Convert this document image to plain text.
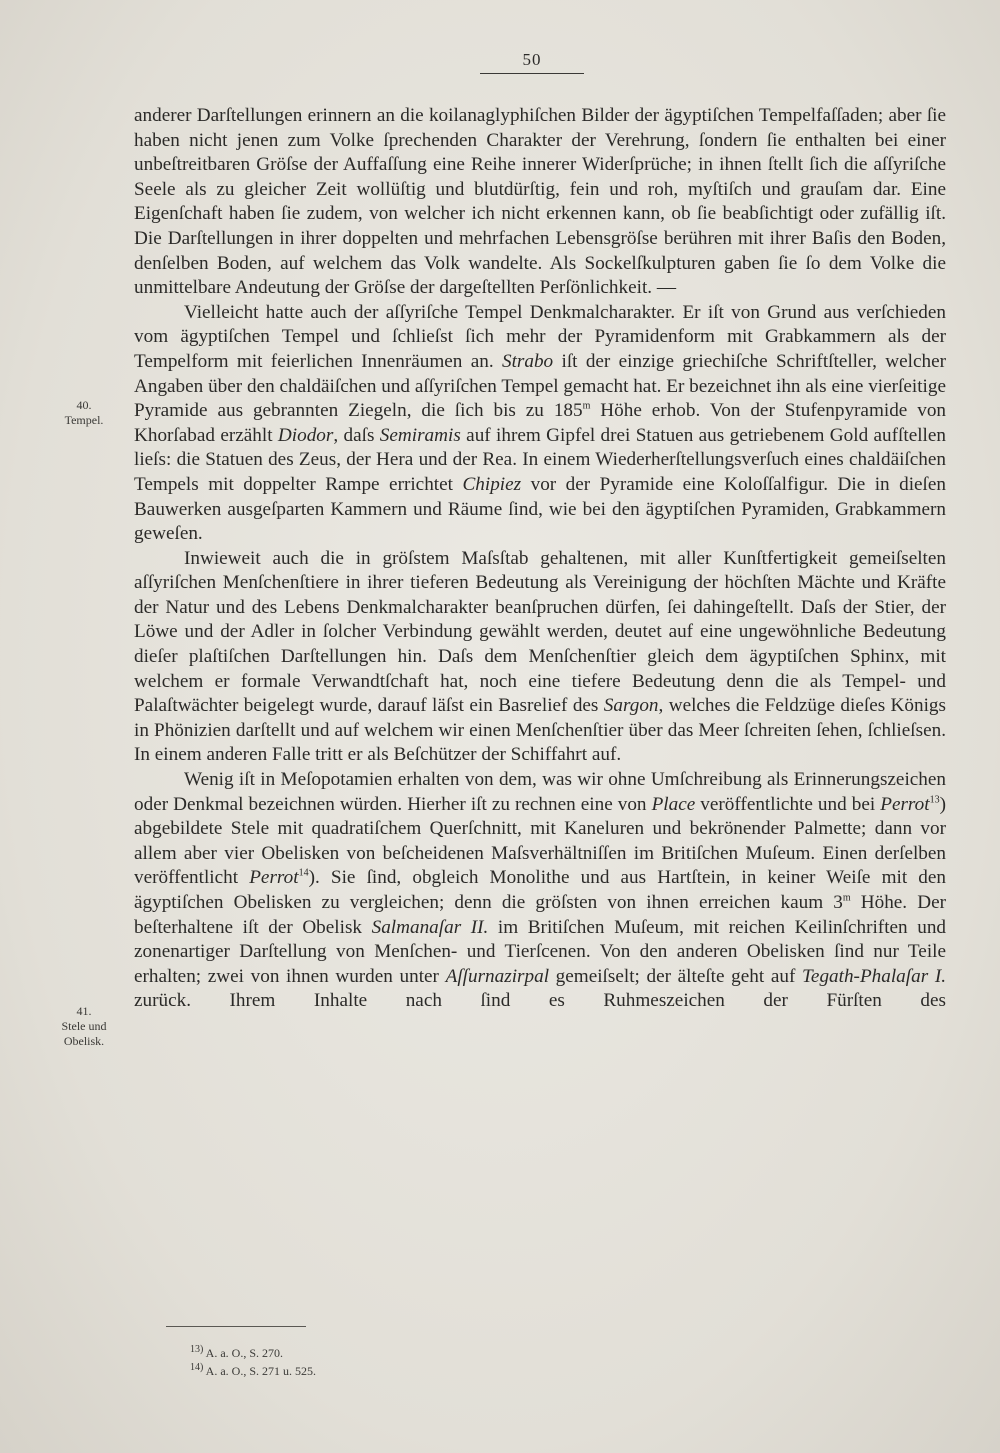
50
40.
Tempel.
41.
Stele und
Obelisk.

anderer Darſtellungen erinnern an die koilanaglyphiſchen Bilder der ägyptiſchen Tempelfaſſaden; aber ſie haben nicht jenen zum Volke ſprechenden Charakter der Verehrung, ſondern ſie enthalten bei einer unbeſtreitbaren Gröſse der Auffaſſung eine Reihe innerer Widerſprüche; in ihnen ſtellt ſich die aſſyriſche Seele als zu gleicher Zeit wollüſtig und blutdürſtig, fein und roh, myſtiſch und grauſam dar. Eine Eigenſchaft haben ſie zudem, von welcher ich nicht erkennen kann, ob ſie beabſichtigt oder zufällig iſt. Die Darſtellungen in ihrer doppelten und mehrfachen Lebensgröſse berühren mit ihrer Baſis den Boden, denſelben Boden, auf welchem das Volk wandelte. Als Sockelſkulpturen gaben ſie ſo dem Volke die unmittelbare Andeutung der Gröſse der dargeſtellten Perſönlichkeit. —

Vielleicht hatte auch der aſſyriſche Tempel Denkmalcharakter. Er iſt von Grund aus verſchieden vom ägyptiſchen Tempel und ſchlieſst ſich mehr der Pyramidenform mit Grabkammern als der Tempelform mit feierlichen Innenräumen an. Strabo iſt der einzige griechiſche Schriftſteller, welcher Angaben über den chaldäiſchen und aſſyriſchen Tempel gemacht hat. Er bezeichnet ihn als eine vierſeitige Pyramide aus gebrannten Ziegeln, die ſich bis zu 185$^m$ Höhe erhob. Von der Stufenpyramide von Khorſabad erzählt Diodor, daſs Semiramis auf ihrem Gipfel drei Statuen aus getriebenem Gold aufſtellen lieſs: die Statuen des Zeus, der Hera und der Rea. In einem Wiederherſtellungsverſuch eines chaldäiſchen Tempels mit doppelter Rampe errichtet Chipiez vor der Pyramide eine Koloſſalfigur. Die in dieſen Bauwerken ausgeſparten Kammern und Räume ſind, wie bei den ägyptiſchen Pyramiden, Grabkammern geweſen.

Inwieweit auch die in gröſstem Maſsſtab gehaltenen, mit aller Kunſtfertigkeit gemeiſselten aſſyriſchen Menſchenſtiere in ihrer tieferen Bedeutung als Vereinigung der höchſten Mächte und Kräfte der Natur und des Lebens Denkmalcharakter beanſpruchen dürfen, ſei dahingeſtellt. Daſs der Stier, der Löwe und der Adler in ſolcher Verbindung gewählt werden, deutet auf eine ungewöhnliche Bedeutung dieſer plaſtiſchen Darſtellungen hin. Daſs dem Menſchenſtier gleich dem ägyptiſchen Sphinx, mit welchem er formale Verwandtſchaft hat, noch eine tiefere Bedeutung denn die als Tempel- und Palaſtwächter beigelegt wurde, darauf läſst ein Basrelief des Sargon, welches die Feldzüge dieſes Königs in Phönizien darſtellt und auf welchem wir einen Menſchenſtier über das Meer ſchreiten ſehen, ſchlieſsen. In einem anderen Falle tritt er als Beſchützer der Schiffahrt auf.

Wenig iſt in Meſopotamien erhalten von dem, was wir ohne Umſchreibung als Erinnerungszeichen oder Denkmal bezeichnen würden. Hierher iſt zu rechnen eine von Place veröffentlichte und bei Perrot$^{13}$) abgebildete Stele mit quadratiſchem Querſchnitt, mit Kaneluren und bekrönender Palmette; dann vor allem aber vier Obelisken von beſcheidenen Maſsverhältniſſen im Britiſchen Muſeum. Einen derſelben veröffentlicht Perrot$^{14}$). Sie ſind, obgleich Monolithe und aus Hartſtein, in keiner Weiſe mit den ägyptiſchen Obelisken zu vergleichen; denn die gröſsten von ihnen erreichen kaum 3$^m$ Höhe. Der beſterhaltene iſt der Obelisk Salmanaſar II. im Britiſchen Muſeum, mit reichen Keilinſchriften und zonenartiger Darſtellung von Menſchen- und Tierſcenen. Von den anderen Obelisken ſind nur Teile erhalten; zwei von ihnen wurden unter Aſſurnazirpal gemeiſselt; der älteſte geht auf Tegath-Phalaſar I. zurück. Ihrem Inhalte nach ſind es Ruhmeszeichen der Fürſten des

$^{13)}$ A. a. O., S. 270.
$^{14)}$ A. a. O., S. 271 u. 525.
